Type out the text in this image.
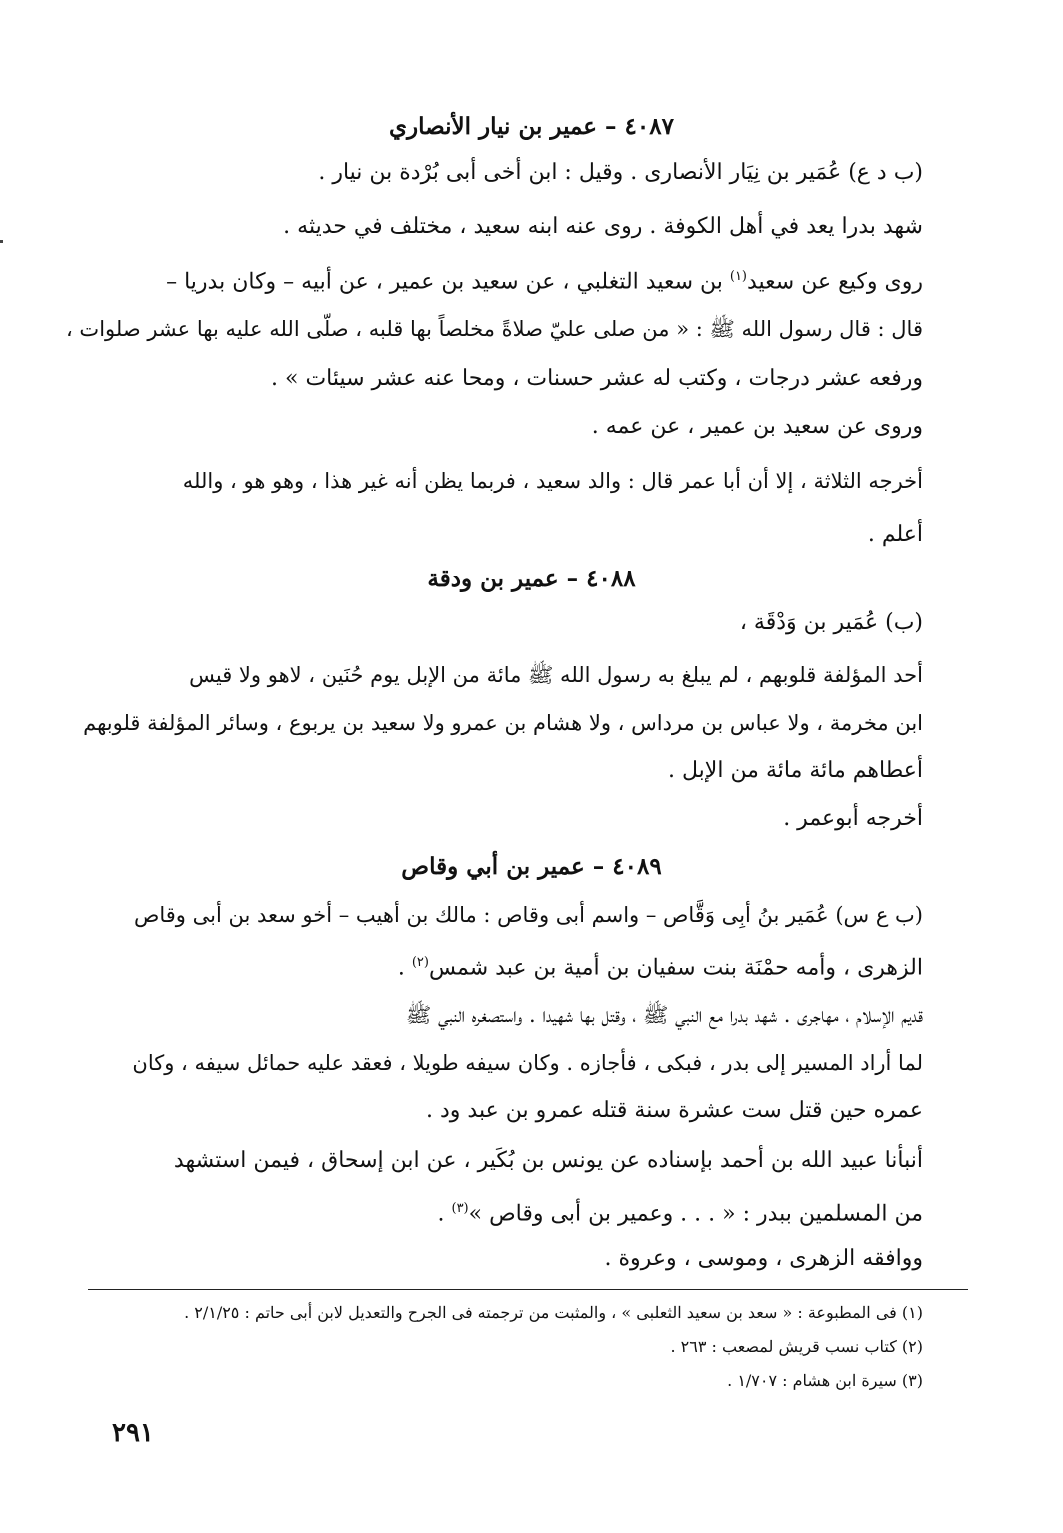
٤٠٨٧ – عمير بن نيار الأنصاري
(ب د ع) عُمَير بن نِيَار الأنصارى . وقيل : ابن أخى أبى بُرْدة بن نيار .
شهد بدرا يعد في أهل الكوفة . روى عنه ابنه سعيد ، مختلف في حديثه .
روى وكيع عن سعيد$^{(١)}$ بن سعيد التغلبي ، عن سعيد بن عمير ، عن أبيه – وكان بدريا –
قال : قال رسول الله ﷺ : « من صلى عليّ صلاةً مخلصاً بها قلبه ، صلّى الله عليه بها عشر صلوات ،
ورفعه عشر درجات ، وكتب له عشر حسنات ، ومحا عنه عشر سيئات » .
وروى عن سعيد بن عمير ، عن عمه .
أخرجه الثلاثة ، إلا أن أبا عمر قال : والد سعيد ، فربما يظن أنه غير هذا ، وهو هو ، والله
أعلم .
٤٠٨٨ – عمير بن ودقة
(ب) عُمَير بن وَدْقَة ،
أحد المؤلفة قلوبهم ، لم يبلغ به رسول الله ﷺ مائة من الإبل يوم حُنَين ، لاهو ولا قيس
ابن مخرمة ، ولا عباس بن مرداس ، ولا هشام بن عمرو ولا سعيد بن يربوع ، وسائر المؤلفة قلوبهم
أعطاهم مائة مائة من الإبل .
أخرجه أبوعمر .
٤٠٨٩ – عمير بن أبي وقاص
(ب ع س) عُمَير بنُ أبِى وَقَّاص – واسم أبى وقاص : مالك بن أهيب – أخو سعد بن أبى وقاص
الزهرى ، وأمه حمْنَة بنت سفيان بن أمية بن عبد شمس$^{(٢)}$ .
قديم الإسلام ، مهاجرى . شهد بدرا مع النبي ﷺ ، وقتل بها شهيدا . واستصغره النبي ﷺ
لما أراد المسير إلى بدر ، فبكى ، فأجازه . وكان سيفه طويلا ، فعقد عليه حمائل سيفه ، وكان
عمره حين قتل ست عشرة سنة قتله عمرو بن عبد ود .
أنبأنا عبيد الله بن أحمد بإسناده عن يونس بن بُكَير ، عن ابن إسحاق ، فيمن استشهد
من المسلمين ببدر : « . . . وعمير بن أبى وقاص »$^{(٣)}$ .
ووافقه الزهرى ، وموسى ، وعروة .
(١) فى المطبوعة : « سعد بن سعيد الثعلبى » ، والمثبت من ترجمته فى الجرح والتعديل لابن أبى حاتم : ٢/١/٢٥ .
(٢) كتاب نسب قريش لمصعب : ٢٦٣ .
(٣) سيرة ابن هشام : ١/٧٠٧ .
٢٩١
